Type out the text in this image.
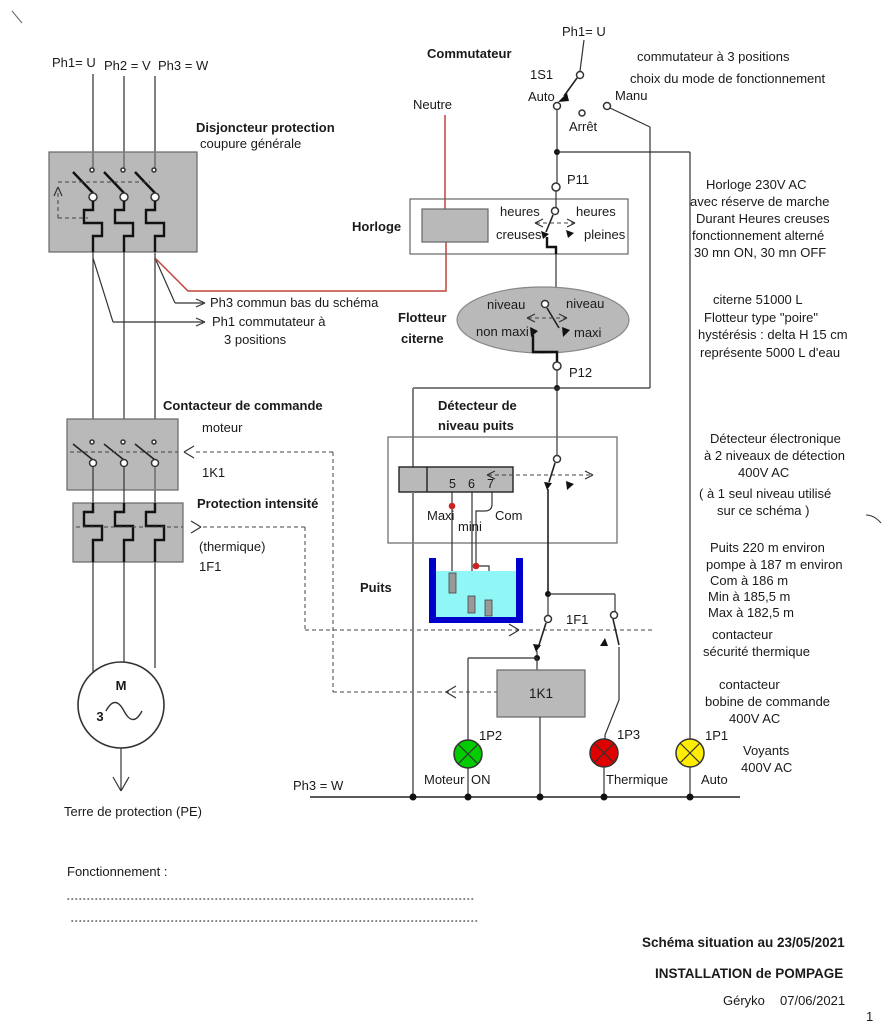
Ph1= U Ph2 = V Ph3 = W
Disjoncteur protection
coupure générale
Ph3 commun bas du schéma
Ph1 commutateur à
3 positions
Contacteur de commande
moteur
1K1
Protection intensité
(thermique)
1F1
M
3
Terre de protection (PE)
Commutateur
Ph1= U
1S1
Auto
Arrêt
Manu
commutateur à 3 positions
choix du mode de fonctionnement
Neutre
P11
Horloge
heures
creuses
heures
pleines
Horloge 230V AC
avec réserve de marche
Durant Heures creuses
fonctionnement alterné
30 mn ON, 30 mn OFF
Flotteur
citerne
niveau
non maxi
niveau
maxi
P12
citerne 51000 L
Flotteur type "poire"
hystérésis : delta H 15 cm
représente 5000 L d'eau
Détecteur de
niveau puits
5 6 7
Maxi
mini
Com
Détecteur électronique
à 2 niveaux de détection
400V AC
( à 1 seul niveau utilisé
sur ce schéma )
Puits
Puits 220 m environ
pompe à 187 m environ
Com à 186 m
Min à 185,5 m
Max à 182,5 m
1F1
contacteur
sécurité thermique
1K1
contacteur
bobine de commande
400V AC
1P2
Moteur ON
1P3
Thermique
1P1
Auto
Voyants
400V AC
Ph3 = W
Fonctionnement :
Schéma situation au 23/05/2021
INSTALLATION de POMPAGE
Géryko 07/06/2021
1
